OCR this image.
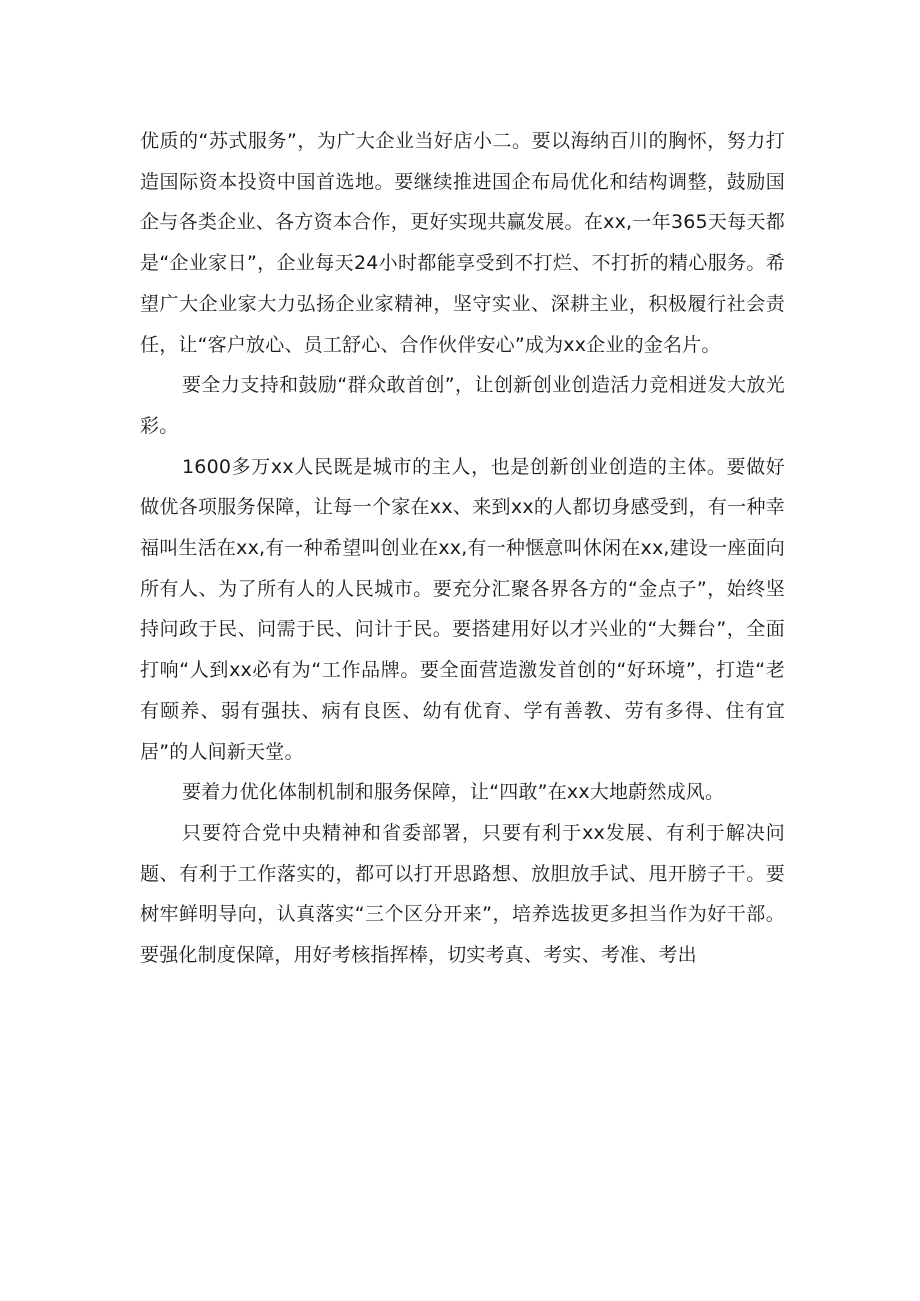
优质的“苏式服务”，为广大企业当好店小二。要以海纳百川的胸怀，努力打造国际资本投资中国首选地。要继续推进国企布局优化和结构调整，鼓励国企与各类企业、各方资本合作，更好实现共赢发展。在xx,一年365天每天都是“企业家日”，企业每天24小时都能享受到不打烂、不打折的精心服务。希望广大企业家大力弘扬企业家精神，坚守实业、深耕主业，积极履行社会责任，让“客户放心、员工舒心、合作伙伴安心”成为xx企业的金名片。

要全力支持和鼓励“群众敢首创”，让创新创业创造活力竞相迸发大放光彩。

1600多万xx人民既是城市的主人，也是创新创业创造的主体。要做好做优各项服务保障，让每一个家在xx、来到xx的人都切身感受到，有一种幸福叫生活在xx,有一种希望叫创业在xx,有一种惬意叫休闲在xx,建设一座面向所有人、为了所有人的人民城市。要充分汇聚各界各方的“金点子”，始终坚持问政于民、问需于民、问计于民。要搭建用好以才兴业的“大舞台”，全面打响“人到xx必有为“工作品牌。要全面营造激发首创的“好环境”，打造“老有颐养、弱有强扶、病有良医、幼有优育、学有善教、劳有多得、住有宜居”的人间新天堂。

要着力优化体制机制和服务保障，让“四敢”在xx大地蔚然成风。

只要符合党中央精神和省委部署，只要有利于xx发展、有利于解决问题、有利于工作落实的，都可以打开思路想、放胆放手试、甩开膀子干。要树牢鲜明导向，认真落实“三个区分开来”，培养选拔更多担当作为好干部。要强化制度保障，用好考核指挥棒，切实考真、考实、考准、考出
